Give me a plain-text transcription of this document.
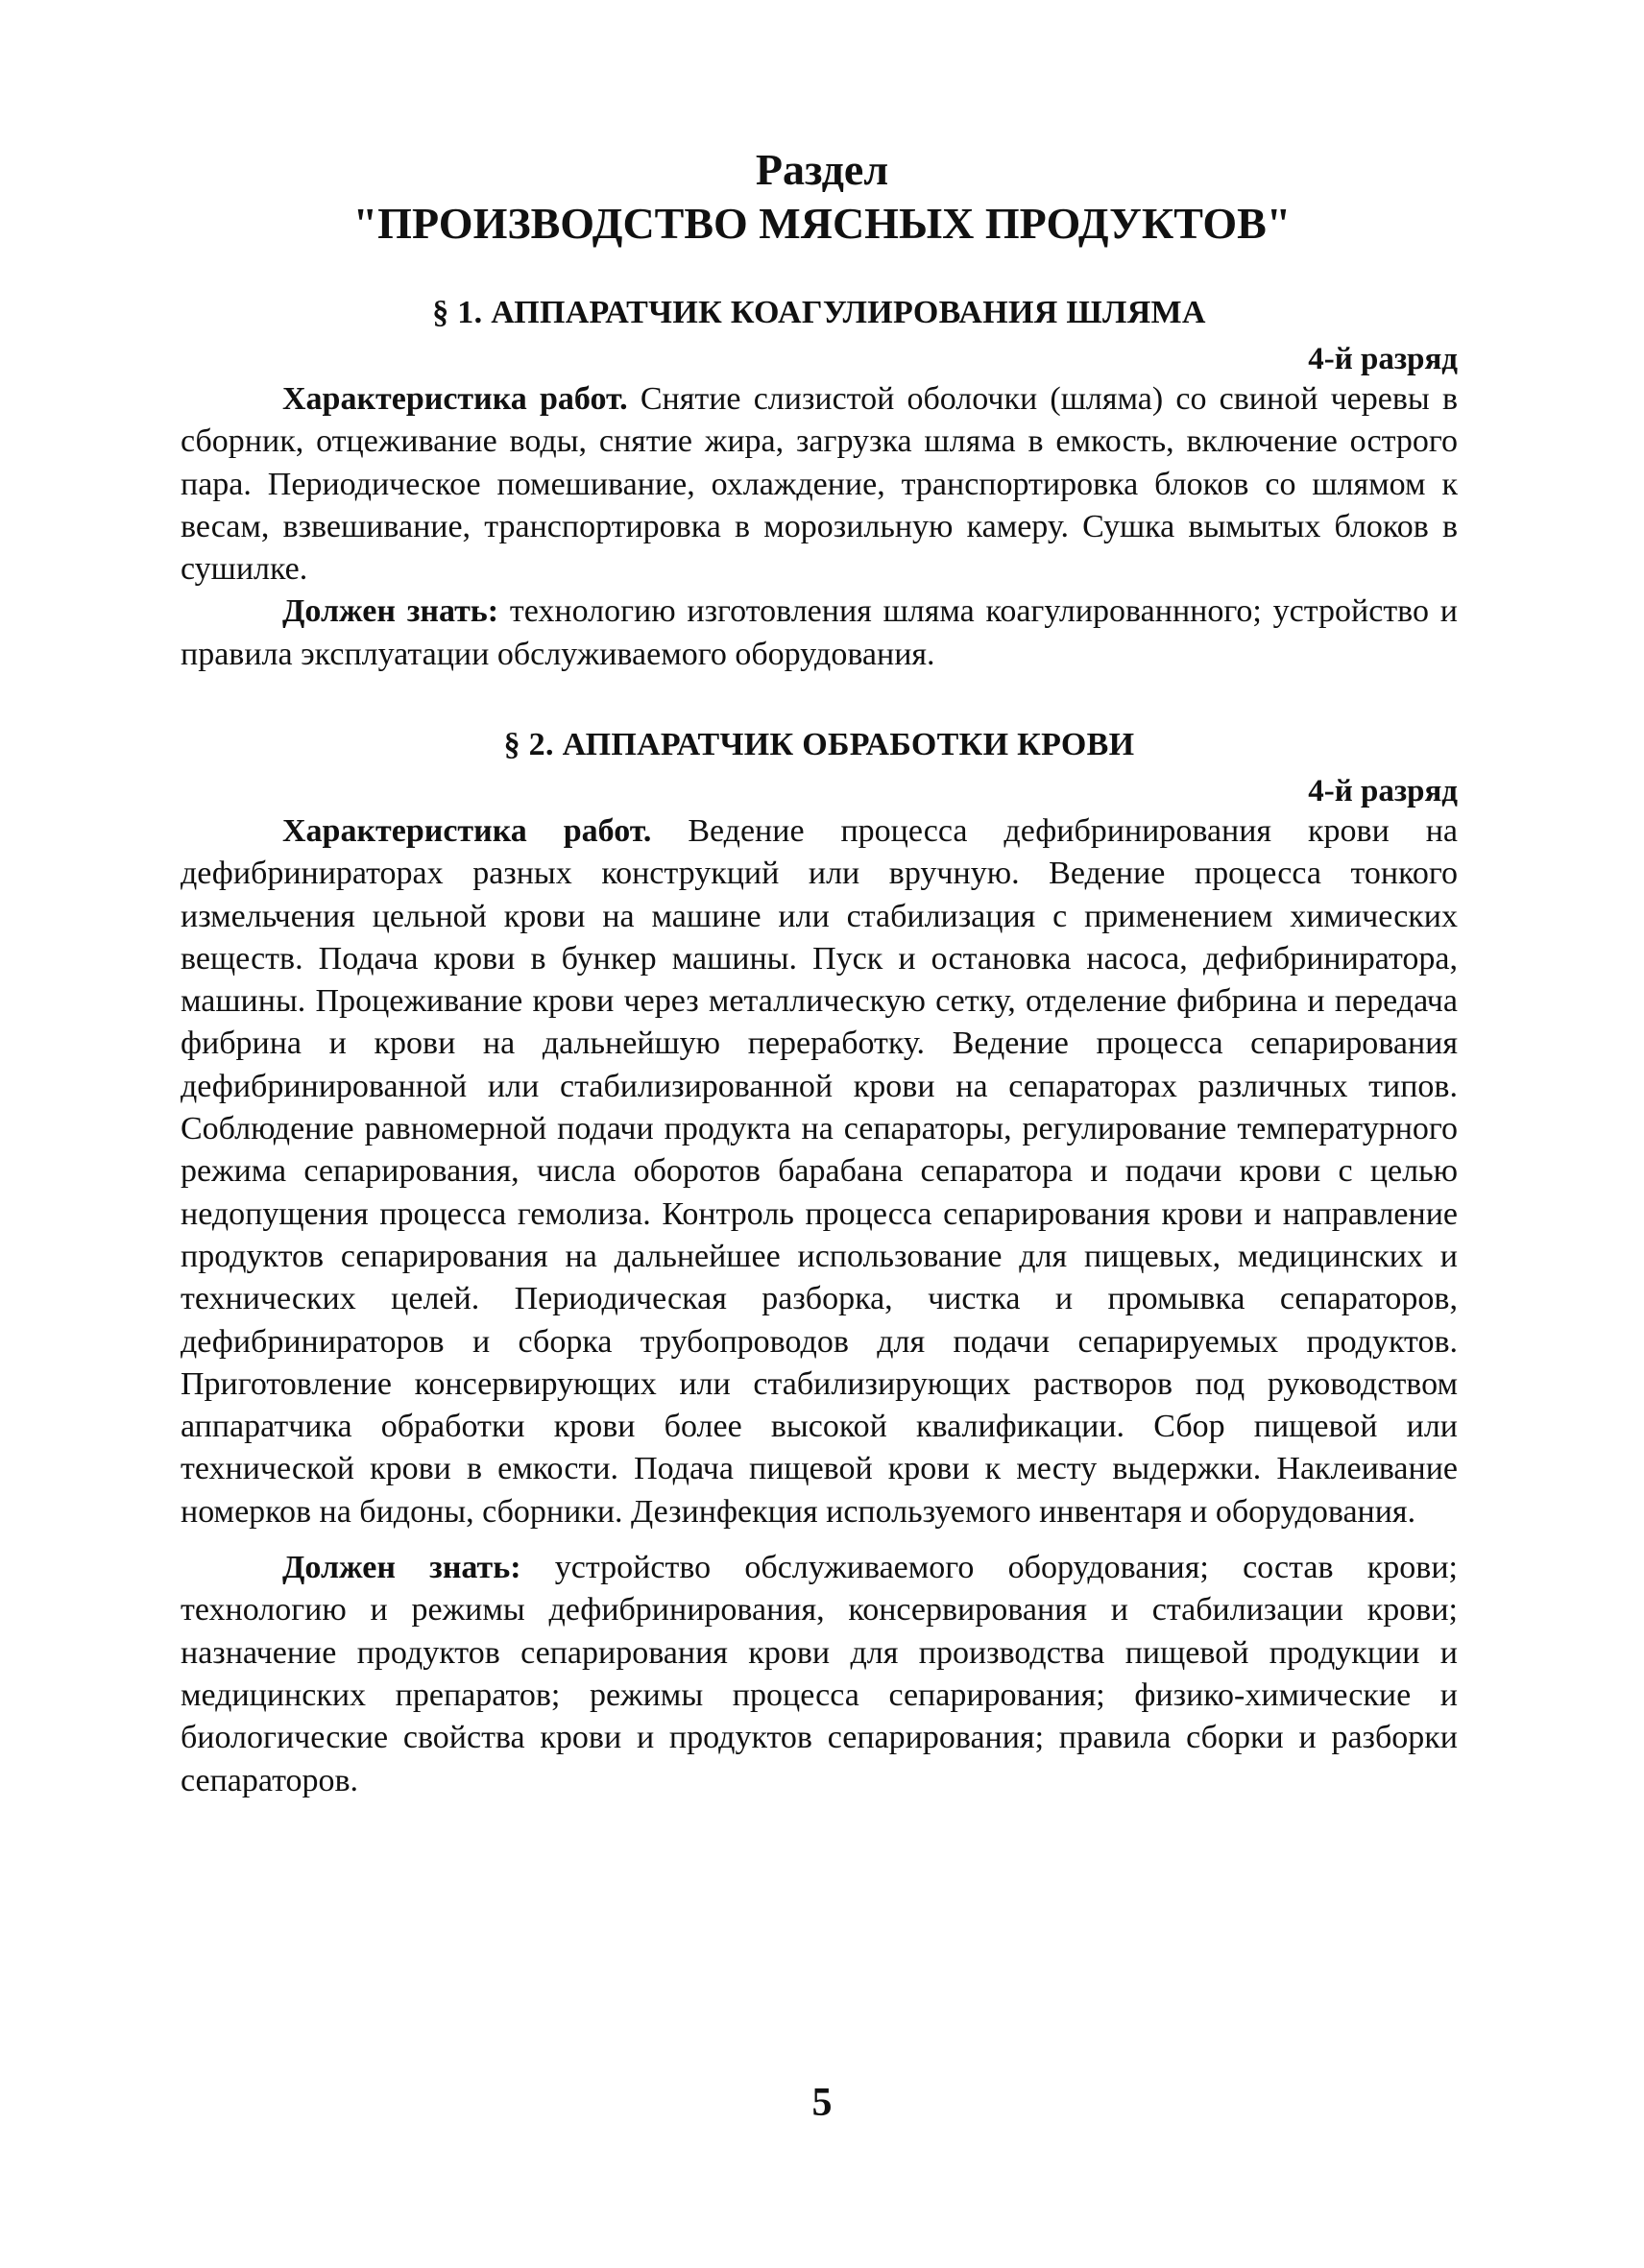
Раздел
"ПРОИЗВОДСТВО МЯСНЫХ ПРОДУКТОВ"

§ 1. АППАРАТЧИК КОАГУЛИРОВАНИЯ ШЛЯМА

4-й разряд

Характеристика работ. Снятие слизистой оболочки (шляма) со свиной черевы в сборник, отцеживание воды, снятие жира, загрузка шляма в емкость, включение острого пара. Периодическое помешивание, охлаждение, транспортировка блоков со шлямом к весам, взвешивание, транспортировка в морозильную камеру. Сушка вымытых блоков в сушилке.

Должен знать: технологию изготовления шляма коагулированнного; устройство и правила эксплуатации обслуживаемого оборудования.

§ 2. АППАРАТЧИК ОБРАБОТКИ КРОВИ

4-й разряд

Характеристика работ. Ведение процесса дефибринирования крови на дефибринираторах разных конструкций или вручную. Ведение процесса тонкого измельчения цельной крови на машине или стабилизация с применением химических веществ. Подача крови в бункер машины. Пуск и остановка насоса, дефибриниратора, машины. Процеживание крови через металлическую сетку, отделение фибрина и передача фибрина и крови на дальнейшую переработку. Ведение процесса сепарирования дефибринированной или стабилизированной крови на сепараторах различных типов. Соблюдение равномерной подачи продукта на сепараторы, регулирование температурного режима сепарирования, числа оборотов барабана сепаратора и подачи крови с целью недопущения процесса гемолиза. Контроль процесса сепарирования крови и направление продуктов сепарирования на дальнейшее использование для пищевых, медицинских и технических целей. Периодическая разборка, чистка и промывка сепараторов, дефибринираторов и сборка трубопроводов для подачи сепарируемых продуктов. Приготовление консервирующих или стабилизирующих растворов под руководством аппаратчика обработки крови более высокой квалификации. Сбор пищевой или технической крови в емкости. Подача пищевой крови к месту выдержки. Наклеивание номерков на бидоны, сборники. Дезинфекция используемого инвентаря и оборудования.

Должен знать: устройство обслуживаемого оборудования; состав крови; технологию и режимы дефибринирования, консервирования и стабилизации крови; назначение продуктов сепарирования крови для производства пищевой продукции и медицинских препаратов; режимы процесса сепарирования; физико-химические и биологические свойства крови и продуктов сепарирования; правила сборки и разборки сепараторов.

5
